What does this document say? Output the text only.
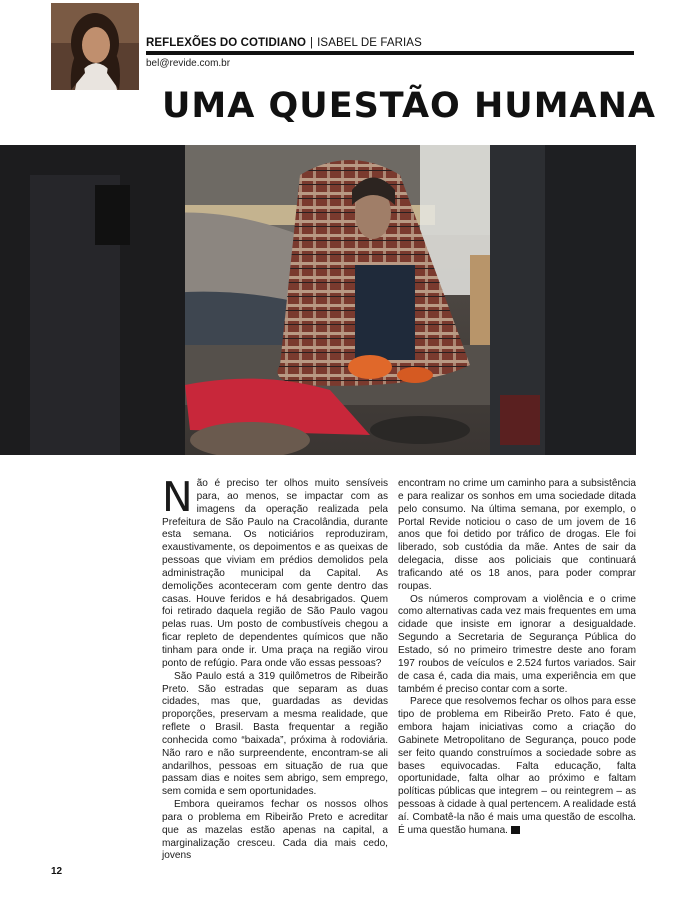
REFLEXÕES DO COTIDIANO | ISABEL DE FARIAS
bel@revide.com.br
UMA QUESTÃO HUMANA

Não é preciso ter olhos muito sensíveis para, ao menos, se impactar com as imagens da operação realizada pela Prefeitura de São Paulo na Cracolândia, durante esta semana. Os noticiários reproduziram, exaustivamente, os depoimentos e as queixas de pessoas que viviam em prédios demolidos pela administração municipal da Capital. As demolições aconteceram com gente dentro das casas. Houve feridos e há desabrigados. Quem foi retirado daquela região de São Paulo vagou pelas ruas. Um posto de combustíveis chegou a ficar repleto de dependentes químicos que não tinham para onde ir. Uma praça na região virou ponto de refúgio. Para onde vão essas pessoas?

São Paulo está a 319 quilômetros de Ribeirão Preto. São estradas que separam as duas cidades, mas que, guardadas as devidas proporções, preservam a mesma realidade, que reflete o Brasil. Basta frequentar a região conhecida como “baixada”, próxima à rodoviária. Não raro e não surpreendente, encontram-se ali andarilhos, pessoas em situação de rua que passam dias e noites sem abrigo, sem emprego, sem comida e sem oportunidades.

Embora queiramos fechar os nossos olhos para o problema em Ribeirão Preto e acreditar que as mazelas estão apenas na capital, a marginalização cresceu. Cada dia mais cedo, jovens

encontram no crime um caminho para a subsistência e para realizar os sonhos em uma sociedade ditada pelo consumo. Na última semana, por exemplo, o Portal Revide noticiou o caso de um jovem de 16 anos que foi detido por tráfico de drogas. Ele foi liberado, sob custódia da mãe. Antes de sair da delegacia, disse aos policiais que continuará traficando até os 18 anos, para poder comprar roupas.

Os números comprovam a violência e o crime como alternativas cada vez mais frequentes em uma cidade que insiste em ignorar a desigualdade. Segundo a Secretaria de Segurança Pública do Estado, só no primeiro trimestre deste ano foram 197 roubos de veículos e 2.524 furtos variados. Sair de casa é, cada dia mais, uma experiência em que também é preciso contar com a sorte.

Parece que resolvemos fechar os olhos para esse tipo de problema em Ribeirão Preto. Fato é que, embora hajam iniciativas como a criação do Gabinete Metropolitano de Segurança, pouco pode ser feito quando construímos a sociedade sobre as bases equivocadas. Falta educação, falta oportunidade, falta olhar ao próximo e faltam políticas públicas que integrem – ou reintegrem – as pessoas à cidade à qual pertencem. A realidade está aí. Combatê-la não é mais uma questão de escolha. É uma questão humana.

12
